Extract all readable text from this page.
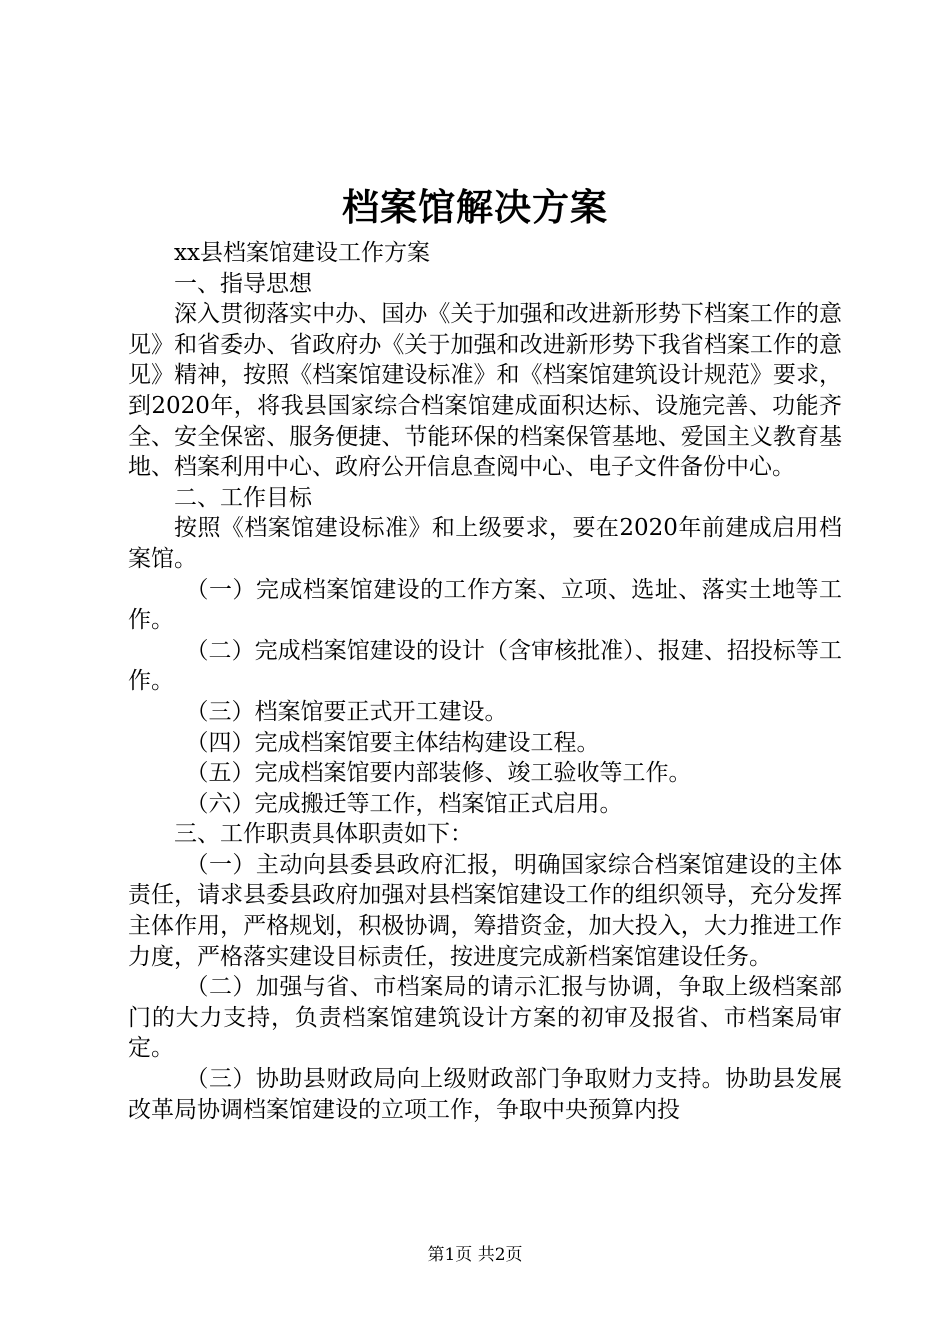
档案馆解决方案

xx县档案馆建设工作方案

一、指导思想

深入贯彻落实中办、国办《关于加强和改进新形势下档案工作的意见》和省委办、省政府办《关于加强和改进新形势下我省档案工作的意见》精神，按照《档案馆建设标准》和《档案馆建筑设计规范》要求，到2020年，将我县国家综合档案馆建成面积达标、设施完善、功能齐全、安全保密、服务便捷、节能环保的档案保管基地、爱国主义教育基地、档案利用中心、政府公开信息查阅中心、电子文件备份中心。

二、工作目标

按照《档案馆建设标准》和上级要求，要在2020年前建成启用档案馆。

（一）完成档案馆建设的工作方案、立项、选址、落实土地等工作。

（二）完成档案馆建设的设计（含审核批准）、报建、招投标等工作。

（三）档案馆要正式开工建设。

（四）完成档案馆要主体结构建设工程。

（五）完成档案馆要内部装修、竣工验收等工作。

（六）完成搬迁等工作，档案馆正式启用。

三、工作职责具体职责如下：

（一）主动向县委县政府汇报，明确国家综合档案馆建设的主体责任，请求县委县政府加强对县档案馆建设工作的组织领导，充分发挥主体作用，严格规划，积极协调，筹措资金，加大投入，大力推进工作力度，严格落实建设目标责任，按进度完成新档案馆建设任务。

（二）加强与省、市档案局的请示汇报与协调，争取上级档案部门的大力支持，负责档案馆建筑设计方案的初审及报省、市档案局审定。

（三）协助县财政局向上级财政部门争取财力支持。协助县发展改革局协调档案馆建设的立项工作，争取中央预算内投

第1页 共2页
